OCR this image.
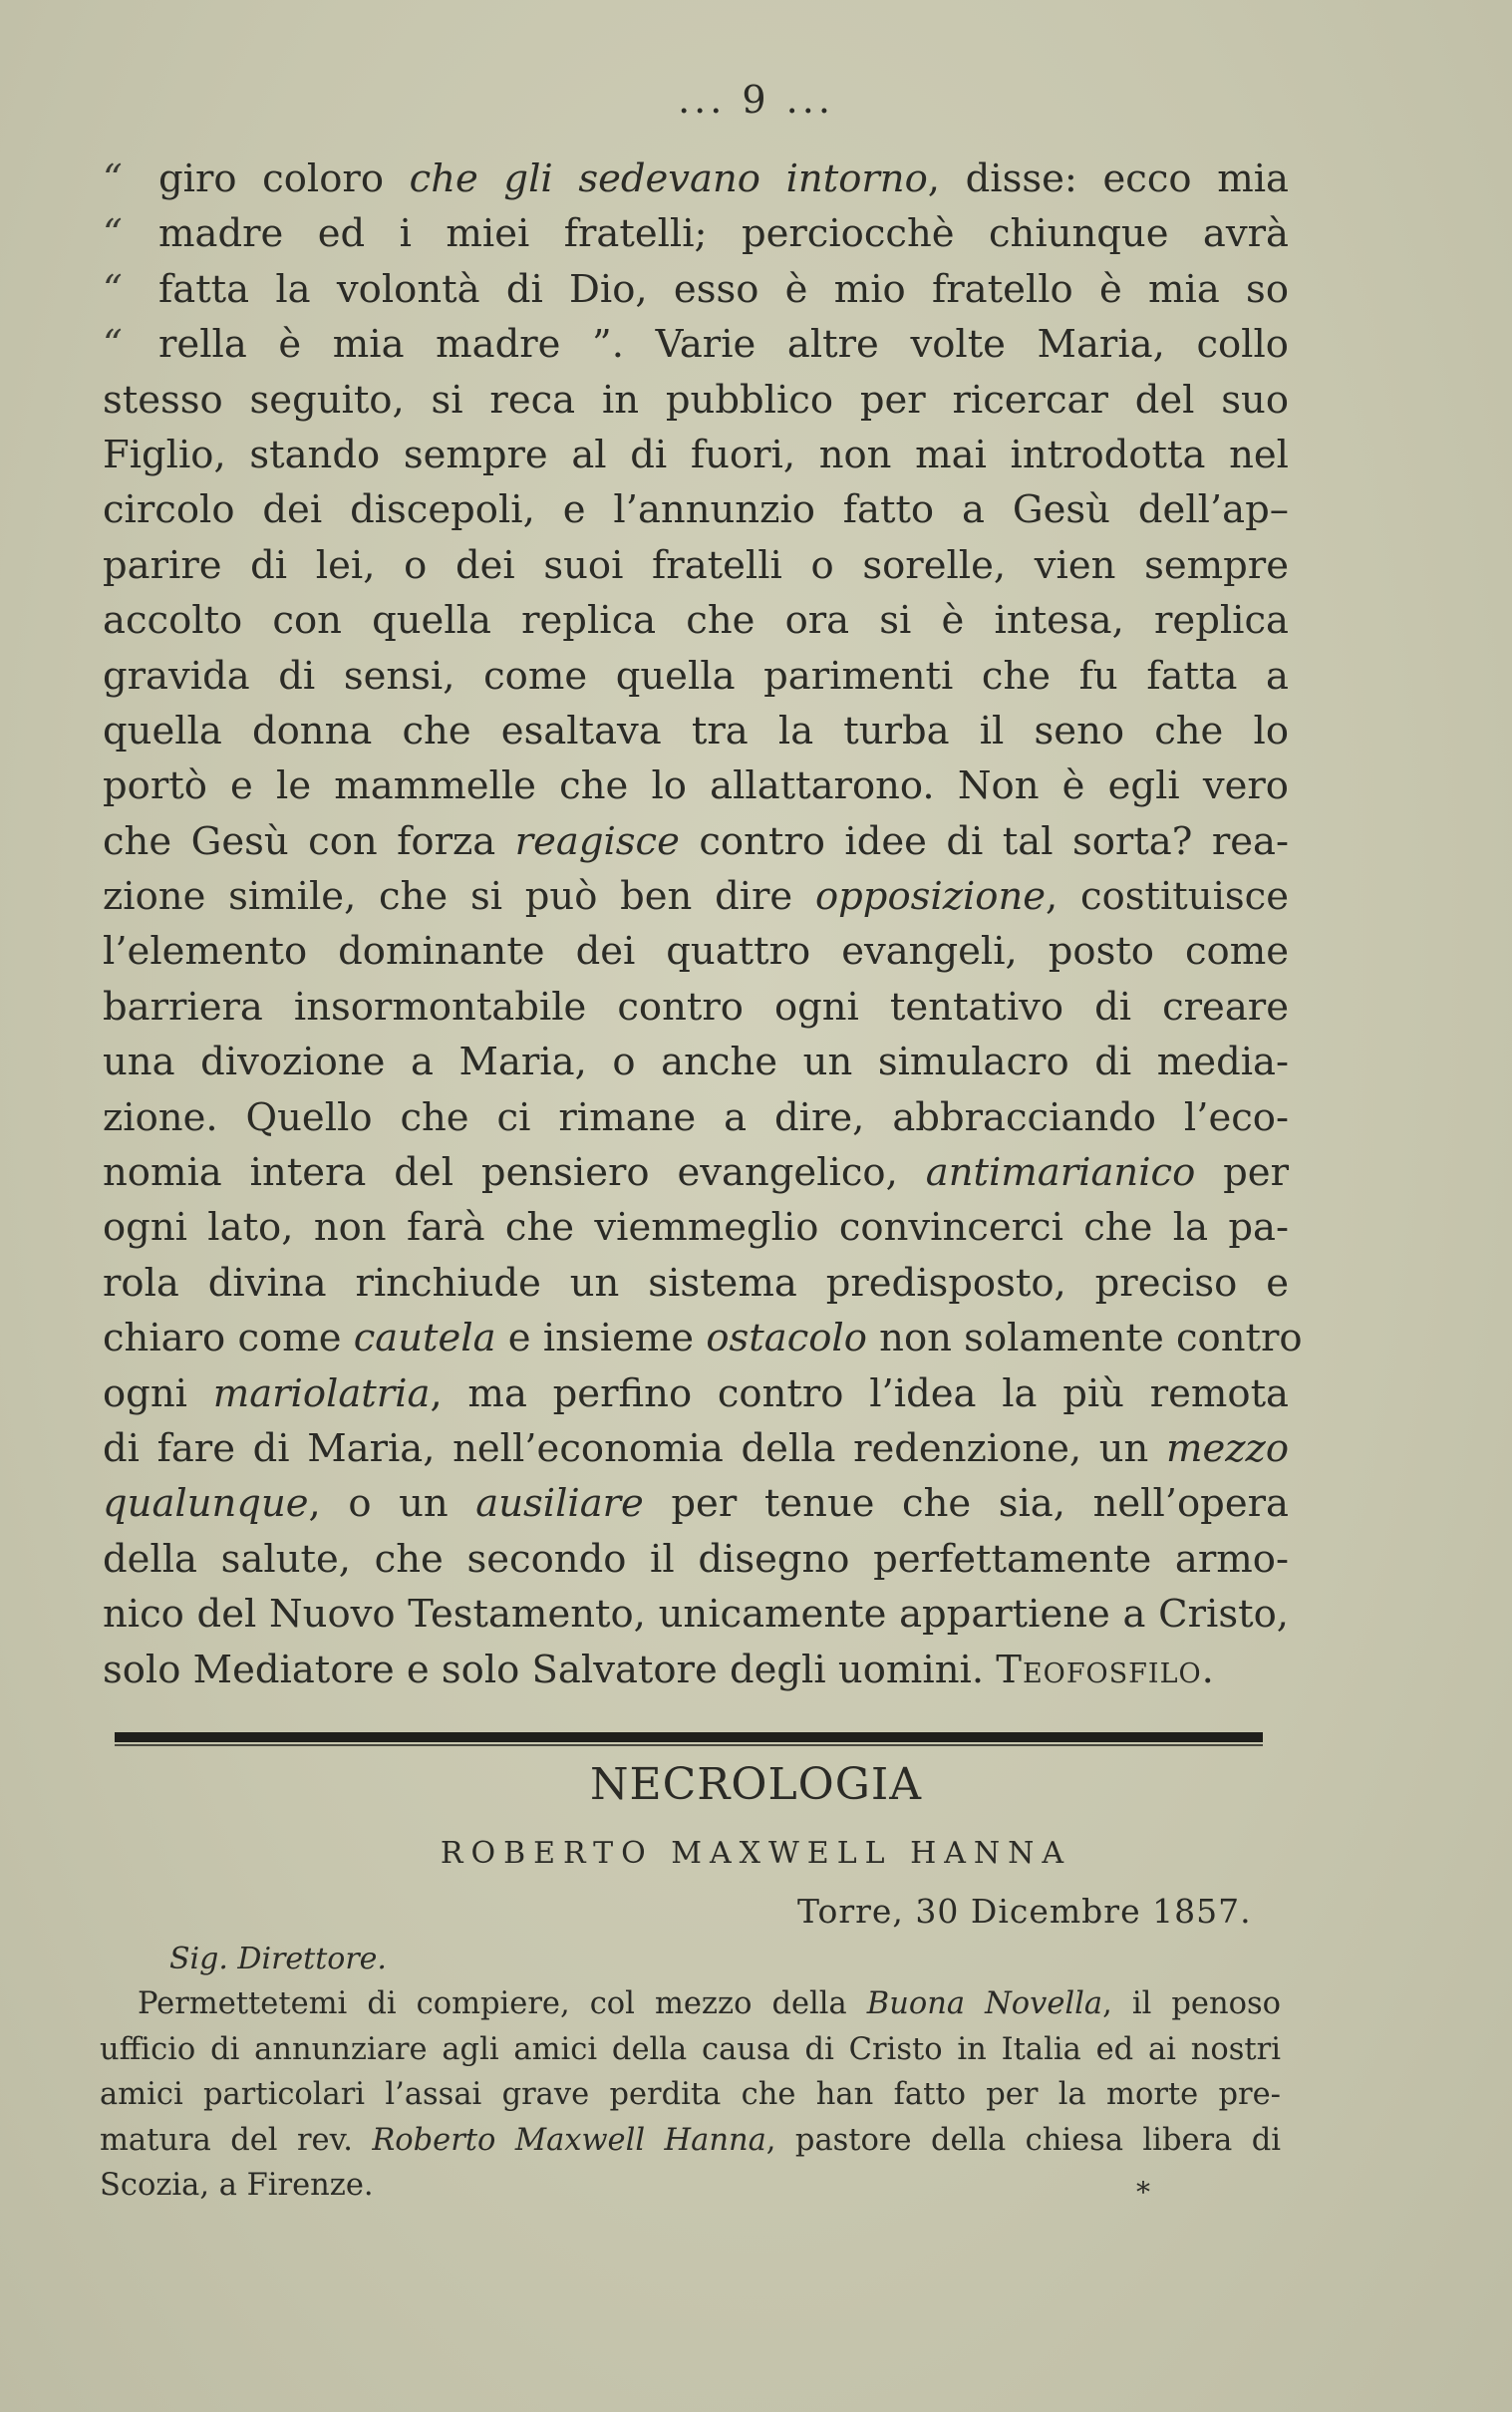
... 9 ...
“ giro coloro che gli sedevano intorno, disse: ecco mia
“ madre ed i miei fratelli; perciocchè chiunque avrà
“ fatta la volontà di Dio, esso è mio fratello è mia so
“ rella è mia madre ”. Varie altre volte Maria, collo
stesso seguito, si reca in pubblico per ricercar del suo
Figlio, stando sempre al di fuori, non mai introdotta nel
circolo dei discepoli, e l’annunzio fatto a Gesù dell’ap–
parire di lei, o dei suoi fratelli o sorelle, vien sempre
accolto con quella replica che ora si è intesa, replica
gravida di sensi, come quella parimenti che fu fatta a
quella donna che esaltava tra la turba il seno che lo
portò e le mammelle che lo allattarono. Non è egli vero
che Gesù con forza reagisce contro idee di tal sorta? rea-
zione simile, che si può ben dire opposizione, costituisce
l’elemento dominante dei quattro evangeli, posto come
barriera insormontabile contro ogni tentativo di creare
una divozione a Maria, o anche un simulacro di media-
zione. Quello che ci rimane a dire, abbracciando l’eco-
nomia intera del pensiero evangelico, antimarianico per
ogni lato, non farà che viemmeglio convincerci che la pa-
rola divina rinchiude un sistema predisposto, preciso e
chiaro come cautela e insieme ostacolo non solamente contro
ogni mariolatria, ma perfino contro l’idea la più remota
di fare di Maria, nell’economia della redenzione, un mezzo
qualunque, o un ausiliare per tenue che sia, nell’opera
della salute, che secondo il disegno perfettamente armo-
nico del Nuovo Testamento, unicamente appartiene a Cristo,
solo Mediatore e solo Salvatore degli uomini. Teofosfilo.
NECROLOGIA
ROBERTO MAXWELL HANNA
Torre, 30 Dicembre 1857.
Sig. Direttore.
Permettetemi di compiere, col mezzo della Buona Novella, il penoso
ufficio di annunziare agli amici della causa di Cristo in Italia ed ai nostri
amici particolari l’assai grave perdita che han fatto per la morte pre-
matura del rev. Roberto Maxwell Hanna, pastore della chiesa libera di
Scozia, a Firenze.	*
